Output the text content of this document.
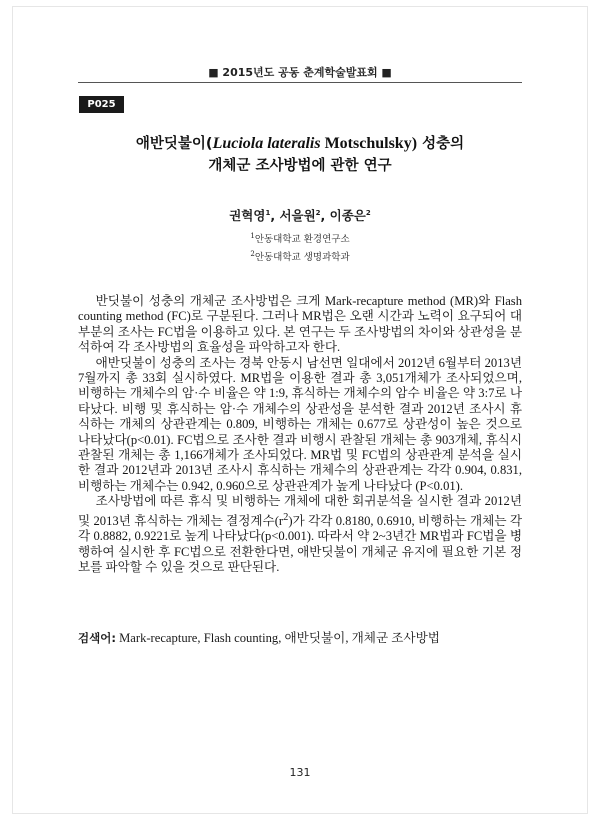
■ 2015년도 공동 춘계학술발표회 ■
P025
애반딧불이(Luciola lateralis Motschulsky) 성충의
개체군 조사방법에 관한 연구
권혁영$^1$, 서을원$^2$, 이종은$^2$
$^1$안동대학교 환경연구소
$^2$안동대학교 생명과학과

반딧불이 성충의 개체군 조사방법은 크게 Mark-recapture method (MR)와 Flash counting method (FC)로 구분된다. 그러나 MR법은 오랜 시간과 노력이 요구되어 대부분의 조사는 FC법을 이용하고 있다. 본 연구는 두 조사방법의 차이와 상관성을 분석하여 각 조사방법의 효율성을 파악하고자 한다.

애반딧불이 성충의 조사는 경북 안동시 남선면 일대에서 2012년 6월부터 2013년 7월까지 총 33회 실시하였다. MR법을 이용한 결과 총 3,051개체가 조사되었으며, 비행하는 개체수의 암·수 비율은 약 1:9, 휴식하는 개체수의 암수 비율은 약 3:7로 나타났다. 비행 및 휴식하는 암·수 개체수의 상관성을 분석한 결과 2012년 조사시 휴식하는 개체의 상관관계는 0.809, 비행하는 개체는 0.677로 상관성이 높은 것으로 나타났다(p<0.01). FC법으로 조사한 결과 비행시 관찰된 개체는 총 903개체, 휴식시 관찰된 개체는 총 1,166개체가 조사되었다. MR법 및 FC법의 상관관계 분석을 실시한 결과 2012년과 2013년 조사시 휴식하는 개체수의 상관관계는 각각 0.904, 0.831, 비행하는 개체수는 0.942, 0.960으로 상관관계가 높게 나타났다 (P<0.01).

조사방법에 따른 휴식 및 비행하는 개체에 대한 회귀분석을 실시한 결과 2012년 및 2013년 휴식하는 개체는 결정계수$(r^2)$가 각각 0.8180, 0.6910, 비행하는 개체는 각각 0.8882, 0.9221로 높게 나타났다(p<0.001). 따라서 약 2~3년간 MR법과 FC법을 병행하여 실시한 후 FC법으로 전환한다면, 애반딧불이 개체군 유지에 필요한 기본 정보를 파악할 수 있을 것으로 판단된다.

검색어: Mark-recapture, Flash counting, 애반딧불이, 개체군 조사방법
131
